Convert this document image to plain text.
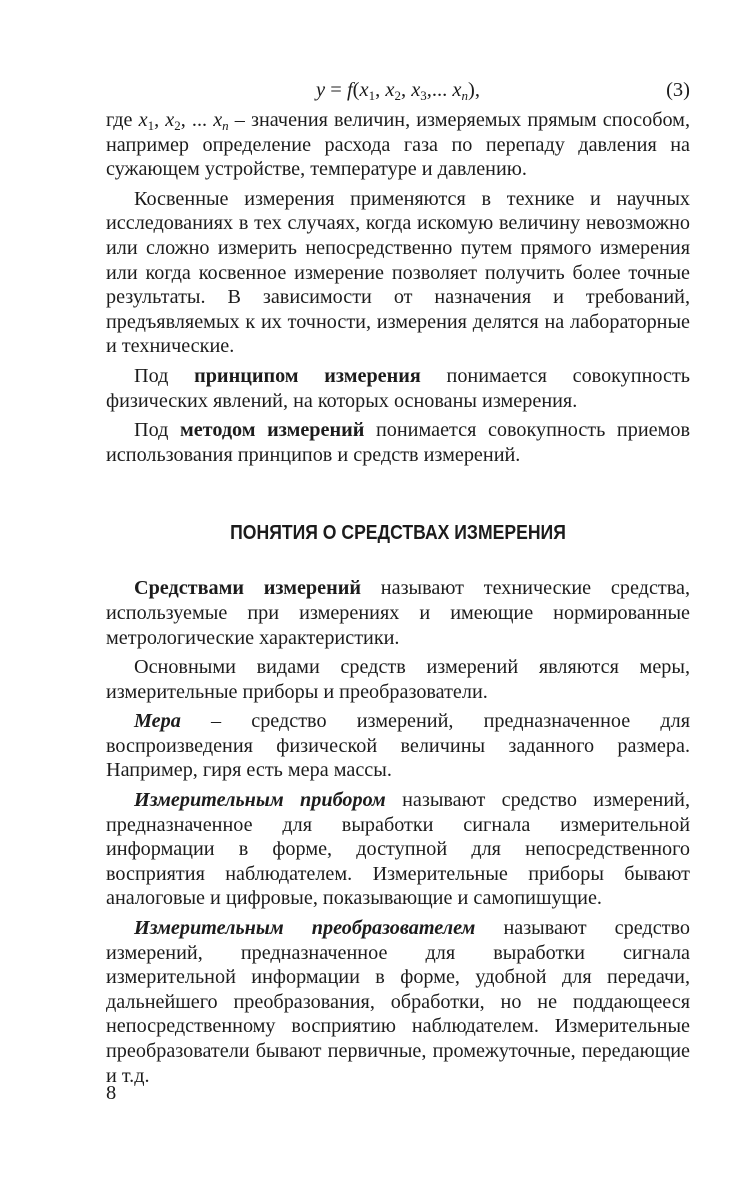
$y = f(x_1$, $x_2$, $x_3$,... $x_n$),	(3)

где $x_1$, $x_2$, ... $x_n$ – значения величин, измеряемых прямым способом, например определение расхода газа по перепаду давления на сужающем устройстве, температуре и давлению.

Косвенные измерения применяются в технике и научных исследованиях в тех случаях, когда искомую величину невозможно или сложно измерить непосредственно путем прямого измерения или когда косвенное измерение позволяет получить более точные результаты. В зависимости от назначения и требований, предъявляемых к их точности, измерения делятся на лабораторные и технические.

Под принципом измерения понимается совокупность физических явлений, на которых основаны измерения.

Под методом измерений понимается совокупность приемов использования принципов и средств измерений.

ПОНЯТИЯ О СРЕДСТВАХ ИЗМЕРЕНИЯ

Средствами измерений называют технические средства, используемые при измерениях и имеющие нормированные метрологические характеристики.

Основными видами средств измерений являются меры, измерительные приборы и преобразователи.

Мера – средство измерений, предназначенное для воспроизведения физической величины заданного размера. Например, гиря есть мера массы.

Измерительным прибором называют средство измерений, предназначенное для выработки сигнала измерительной информации в форме, доступной для непосредственного восприятия наблюдателем. Измерительные приборы бывают аналоговые и цифровые, показывающие и самопишущие.

Измерительным преобразователем называют средство измерений, предназначенное для выработки сигнала измерительной информации в форме, удобной для передачи, дальнейшего преобразования, обработки, но не поддающееся непосредственному восприятию наблюдателем. Измерительные преобразователи бывают первичные, промежуточные, передающие и т.д.

8
